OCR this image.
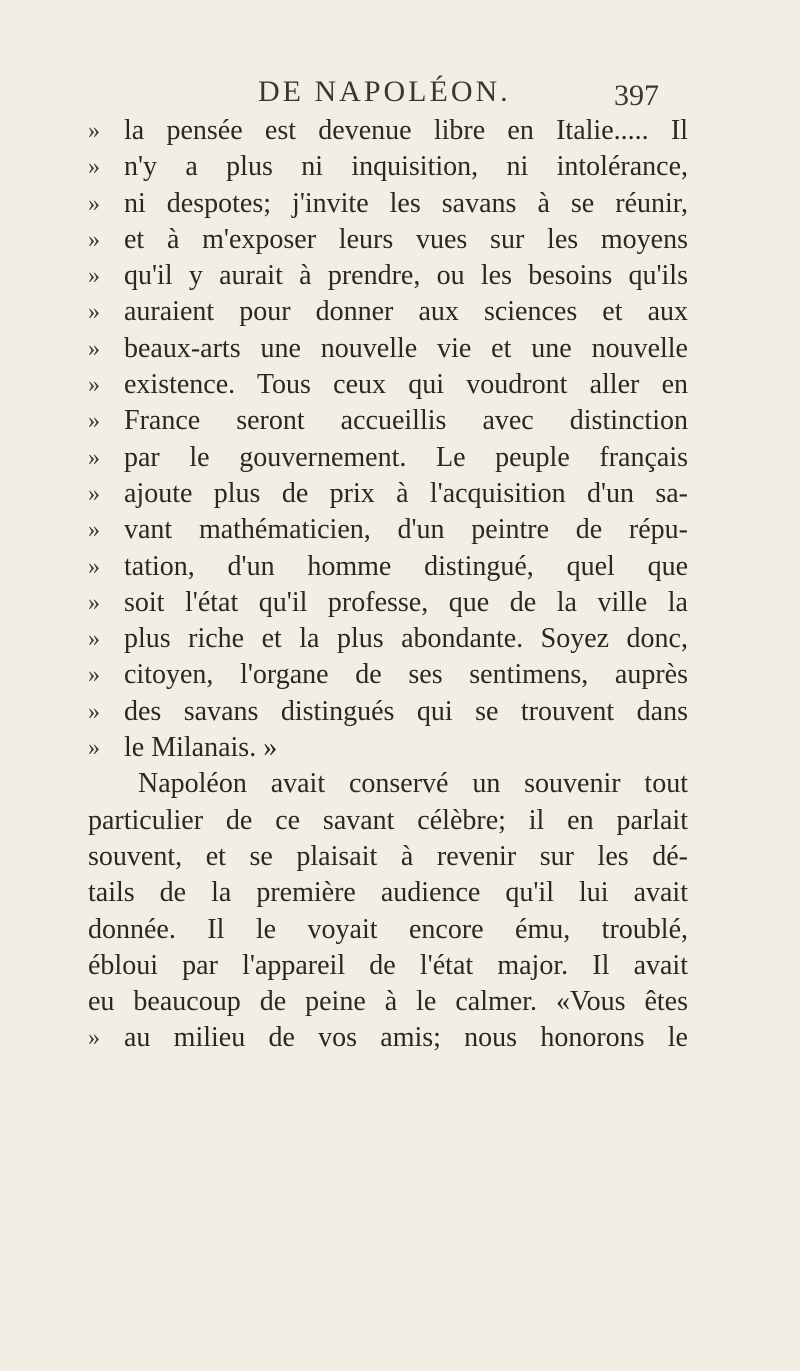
DE NAPOLÉON.	397
» la pensée est devenue libre en Italie..... Il
» n'y a plus ni inquisition, ni intolérance,
» ni despotes; j'invite les savans à se réunir,
» et à m'exposer leurs vues sur les moyens
» qu'il y aurait à prendre, ou les besoins qu'ils
» auraient pour donner aux sciences et aux
» beaux-arts une nouvelle vie et une nouvelle
» existence. Tous ceux qui voudront aller en
» France seront accueillis avec distinction
» par le gouvernement. Le peuple français
» ajoute plus de prix à l'acquisition d'un sa-
» vant mathématicien, d'un peintre de répu-
» tation, d'un homme distingué, quel que
» soit l'état qu'il professe, que de la ville la
» plus riche et la plus abondante. Soyez donc,
» citoyen, l'organe de ses sentimens, auprès
» des savans distingués qui se trouvent dans
» le Milanais. »
Napoléon avait conservé un souvenir tout
particulier de ce savant célèbre; il en parlait
souvent, et se plaisait à revenir sur les dé-
tails de la première audience qu'il lui avait
donnée. Il le voyait encore ému, troublé,
ébloui par l'appareil de l'état major. Il avait
eu beaucoup de peine à le calmer. «Vous êtes
» au milieu de vos amis; nous honorons le
